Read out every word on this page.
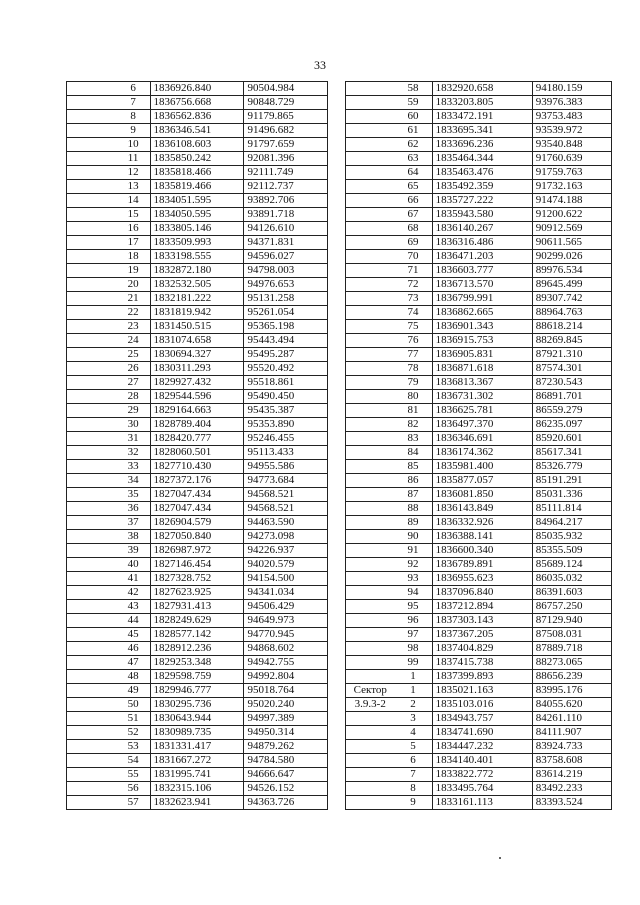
33
	6	1836926.840	90504.984
	7	1836756.668	90848.729
	8	1836562.836	91179.865
	9	1836346.541	91496.682
	10	1836108.603	91797.659
	11	1835850.242	92081.396
	12	1835818.466	92111.749
	13	1835819.466	92112.737
	14	1834051.595	93892.706
	15	1834050.595	93891.718
	16	1833805.146	94126.610
	17	1833509.993	94371.831
	18	1833198.555	94596.027
	19	1832872.180	94798.003
	20	1832532.505	94976.653
	21	1832181.222	95131.258
	22	1831819.942	95261.054
	23	1831450.515	95365.198
	24	1831074.658	95443.494
	25	1830694.327	95495.287
	26	1830311.293	95520.492
	27	1829927.432	95518.861
	28	1829544.596	95490.450
	29	1829164.663	95435.387
	30	1828789.404	95353.890
	31	1828420.777	95246.455
	32	1828060.501	95113.433
	33	1827710.430	94955.586
	34	1827372.176	94773.684
	35	1827047.434	94568.521
	36	1827047.434	94568.521
	37	1826904.579	94463.590
	38	1827050.840	94273.098
	39	1826987.972	94226.937
	40	1827146.454	94020.579
	41	1827328.752	94154.500
	42	1827623.925	94341.034
	43	1827931.413	94506.429
	44	1828249.629	94649.973
	45	1828577.142	94770.945
	46	1828912.236	94868.602
	47	1829253.348	94942.755
	48	1829598.759	94992.804
	49	1829946.777	95018.764
	50	1830295.736	95020.240
	51	1830643.944	94997.389
	52	1830989.735	94950.314
	53	1831331.417	94879.262
	54	1831667.272	94784.580
	55	1831995.741	94666.647
	56	1832315.106	94526.152
	57	1832623.941	94363.726
	58	1832920.658	94180.159
	59	1833203.805	93976.383
	60	1833472.191	93753.483
	61	1833695.341	93539.972
	62	1833696.236	93540.848
	63	1835464.344	91760.639
	64	1835463.476	91759.763
	65	1835492.359	91732.163
	66	1835727.222	91474.188
	67	1835943.580	91200.622
	68	1836140.267	90912.569
	69	1836316.486	90611.565
	70	1836471.203	90299.026
	71	1836603.777	89976.534
	72	1836713.570	89645.499
	73	1836799.991	89307.742
	74	1836862.665	88964.763
	75	1836901.343	88618.214
	76	1836915.753	88269.845
	77	1836905.831	87921.310
	78	1836871.618	87574.301
	79	1836813.367	87230.543
	80	1836731.302	86891.701
	81	1836625.781	86559.279
	82	1836497.370	86235.097
	83	1836346.691	85920.601
	84	1836174.362	85617.341
	85	1835981.400	85326.779
	86	1835877.057	85191.291
	87	1836081.850	85031.336
	88	1836143.849	85111.814
	89	1836332.926	84964.217
	90	1836388.141	85035.932
	91	1836600.340	85355.509
	92	1836789.891	85689.124
	93	1836955.623	86035.032
	94	1837096.840	86391.603
	95	1837212.894	86757.250
	96	1837303.143	87129.940
	97	1837367.205	87508.031
	98	1837404.829	87889.718
	99	1837415.738	88273.065
	1	1837399.893	88656.239
Сектор	1	1835021.163	83995.176
3.9.3-2	2	1835103.016	84055.620
	3	1834943.757	84261.110
	4	1834741.690	84111.907
	5	1834447.232	83924.733
	6	1834140.401	83758.608
	7	1833822.772	83614.219
	8	1833495.764	83492.233
	9	1833161.113	83393.524
